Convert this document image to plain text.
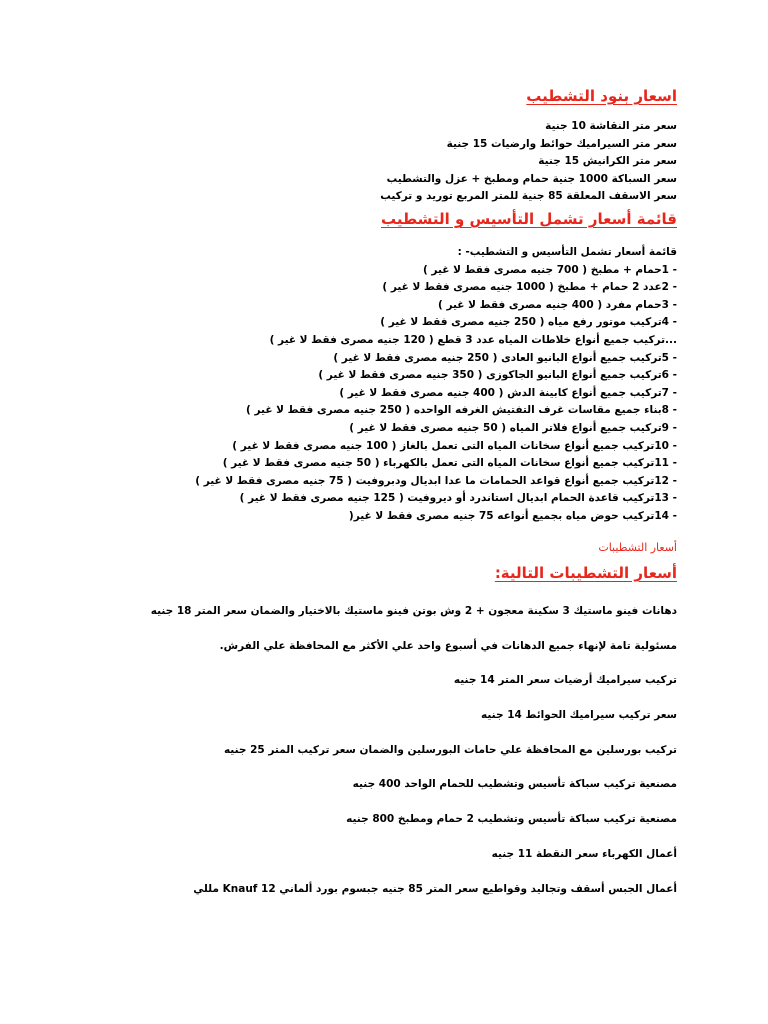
اسعار بنود التشطيب
سعر متر النقاشة 10 جنية
سعر متر السيراميك حوائط وارضيات 15 جنية
سعر متر الكرانيش 15 جنية
سعر السباكة 1000 جنية حمام ومطبخ + عزل والتشطيب
سعر الاسقف المعلقة 85 جنية للمتر المربع توريد و تركيب
قائمة أسعار تشمل التأسيس و التشطيب
قائمة أسعار تشمل التأسيس و التشطيب- :
- 1حمام + مطبخ ( 700 جنيه مصرى فقط لا غير )
- 2عدد 2 حمام + مطبخ ( 1000 جنيه مصرى فقط لا غير )
- 3حمام مفرد ( 400 جنيه مصرى فقط لا غير )
- 4تركيب موتور رفع مياه ( 250 جنيه مصرى فقط لا غير )
...تركيب جميع أنواع خلاطات المياه عدد 3 قطع ( 120 جنيه مصرى فقط لا غير )
- 5تركيب جميع أنواع البانيو العادى ( 250 جنيه مصرى فقط لا غير )
- 6تركيب جميع أنواع البانيو الجاكوزى ( 350 جنيه مصرى فقط لا غير )
- 7تركيب جميع أنواع كابينة الدش ( 400 جنيه مصرى فقط لا غير )
- 8بناء جميع مقاسات غرف التفتيش الغرفه الواحده ( 250 جنيه مصرى فقط لا غير )
- 9تركيب جميع أنواع فلاتر المياه ( 50 جنيه مصرى فقط لا غير )
- 10تركيب جميع أنواع سخانات المياه التى تعمل بالغاز ( 100 جنيه مصرى فقط لا غير )
- 11تركيب جميع أنواع سخانات المياه التى تعمل بالكهرباء ( 50 جنيه مصرى فقط لا غير )
- 12تركيب جميع أنواع قواعد الحمامات ما عدا ابديال ودبروفيت ( 75 جنيه مصرى فقط لا غير )
- 13تركيب قاعدة الحمام ابديال استاندرد أو ديروفيت ( 125 جنيه مصرى فقط لا غير )
- 14تركيب حوض مياه بجميع أنواعه 75 جنيه مصرى فقط لا غير(
أسعار التشطيبات
أسعار التشطيبات التالية:
دهانات فينو ماستيك 3 سكينة معجون + 2 وش بوتن فينو ماستيك بالاختيار والضمان سعر المتر 18 جنيه
مسئولية تامة لإنهاء جميع الدهانات في أسبوع واحد علي الأكثر مع المحافظة علي الفرش.
تركيب سيراميك أرضيات سعر المتر 14 جنيه
سعر تركيب سيراميك الحوائط 14 جنيه
تركيب بورسلين مع المحافظة علي حامات البورسلين والضمان سعر تركيب المتر 25 جنيه
مصنعية تركيب سباكة تأسيس وتشطيب للحمام الواحد 400 جنيه
مصنعية تركيب سباكة تأسيس وتشطيب 2 حمام ومطبخ 800 جنيه
أعمال الكهرباء سعر النقطة 11 جنيه
أعمال الجبس أسقف وتجاليد وقواطيع سعر المتر 85 جنيه جبسوم بورد ألماني Knauf 12 مللي
